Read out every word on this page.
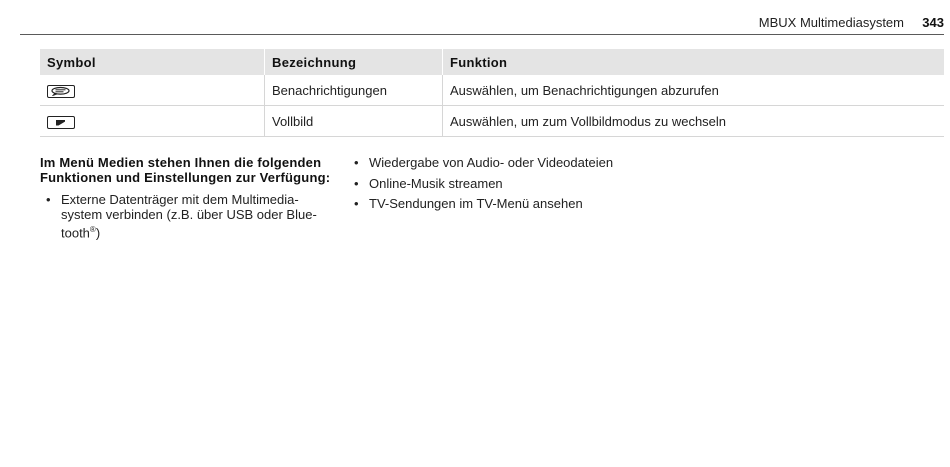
MBUX Multimediasystem 343
Symbol	Bezeichnung	Funktion

	Benachrichtigungen	Auswählen, um Benachrichtigungen abzurufen

	Vollbild	Auswählen, um zum Vollbildmodus zu wechseln
Im Menü Medien stehen Ihnen die folgenden
Funktionen und Einstellungen zur Verfügung:
• Externe Datenträger mit dem Multimedia-
system verbinden (z.B. über USB oder Blue-
tooth®)
• Wiedergabe von Audio- oder Videodateien
• Online-Musik streamen
• TV-Sendungen im TV-Menü ansehen
